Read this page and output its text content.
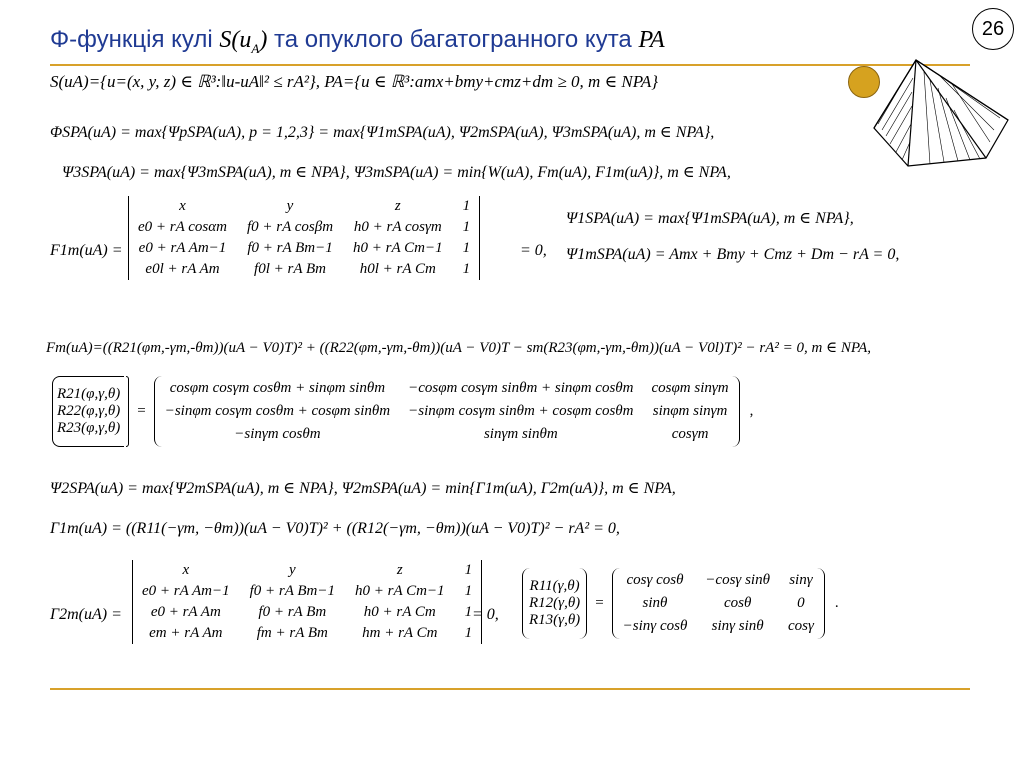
Φ-функція кулі $S(u_A)$ та опуклого багатогранного кута PA	26
S(uA)={u=(x, y, z) ∈ ℝ³:‖u-uA‖² ≤ rA²}, PA={u ∈ ℝ³:amx+bmy+cmz+dm ≥ 0, m ∈ NPA}
ΦSPA(uA) = max{ΨpSPA(uA), p = 1,2,3} = max{Ψ1mSPA(uA), Ψ2mSPA(uA), Ψ3mSPA(uA), m ∈ NPA},
Ψ3SPA(uA) = max{Ψ3mSPA(uA), m ∈ NPA}, Ψ3mSPA(uA) = min{W(uA), Fm(uA), F1m(uA)}, m ∈ NPA,
F1m(uA) =
x	y	z	1
e0 + rA cosαm	f0 + rA cosβm	h0 + rA cosγm	1
e0 + rA Am−1	f0 + rA Bm−1	h0 + rA Cm−1	1
e0l + rA Am	f0l + rA Bm	h0l + rA Cm	1
= 0,
Ψ1SPA(uA) = max{Ψ1mSPA(uA), m ∈ NPA},
Ψ1mSPA(uA) = Amx + Bmy + Cmz + Dm − rA = 0,
Fm(uA)=((R21(φm,-γm,-θm))(uA − V0)T)² + ((R22(φm,-γm,-θm))(uA − V0)T − sm(R23(φm,-γm,-θm))(uA − V0l)T)² − rA² = 0, m ∈ NPA,
R21(φ,γ,θ)
R22(φ,γ,θ)
R23(φ,γ,θ)
		=	
cosφm cosγm cosθm + sinφm sinθm	−cosφm cosγm sinθm + sinφm cosθm	cosφm sinγm
−sinφm cosγm cosθm + cosφm sinθm	−sinφm cosγm sinθm + cosφm cosθm	sinφm sinγm
−sinγm cosθm	sinγm sinθm	cosγm
	,
Ψ2SPA(uA) = max{Ψ2mSPA(uA), m ∈ NPA}, Ψ2mSPA(uA) = min{Γ1m(uA), Γ2m(uA)}, m ∈ NPA,
Γ1m(uA) = ((R11(−γm, −θm))(uA − V0)T)² + ((R12(−γm, −θm))(uA − V0)T)² − rA² = 0,
Γ2m(uA) =
x	y	z	1
e0 + rA Am−1	f0 + rA Bm−1	h0 + rA Cm−1	1
e0 + rA Am	f0 + rA Bm	h0 + rA Cm	1
em + rA Am	fm + rA Bm	hm + rA Cm	1
= 0,
R11(γ,θ)
R12(γ,θ)
R13(γ,θ)
	=	
cosγ cosθ	−cosγ sinθ	sinγ
sinθ	cosθ	0
−sinγ cosθ	sinγ sinθ	cosγ
	.
